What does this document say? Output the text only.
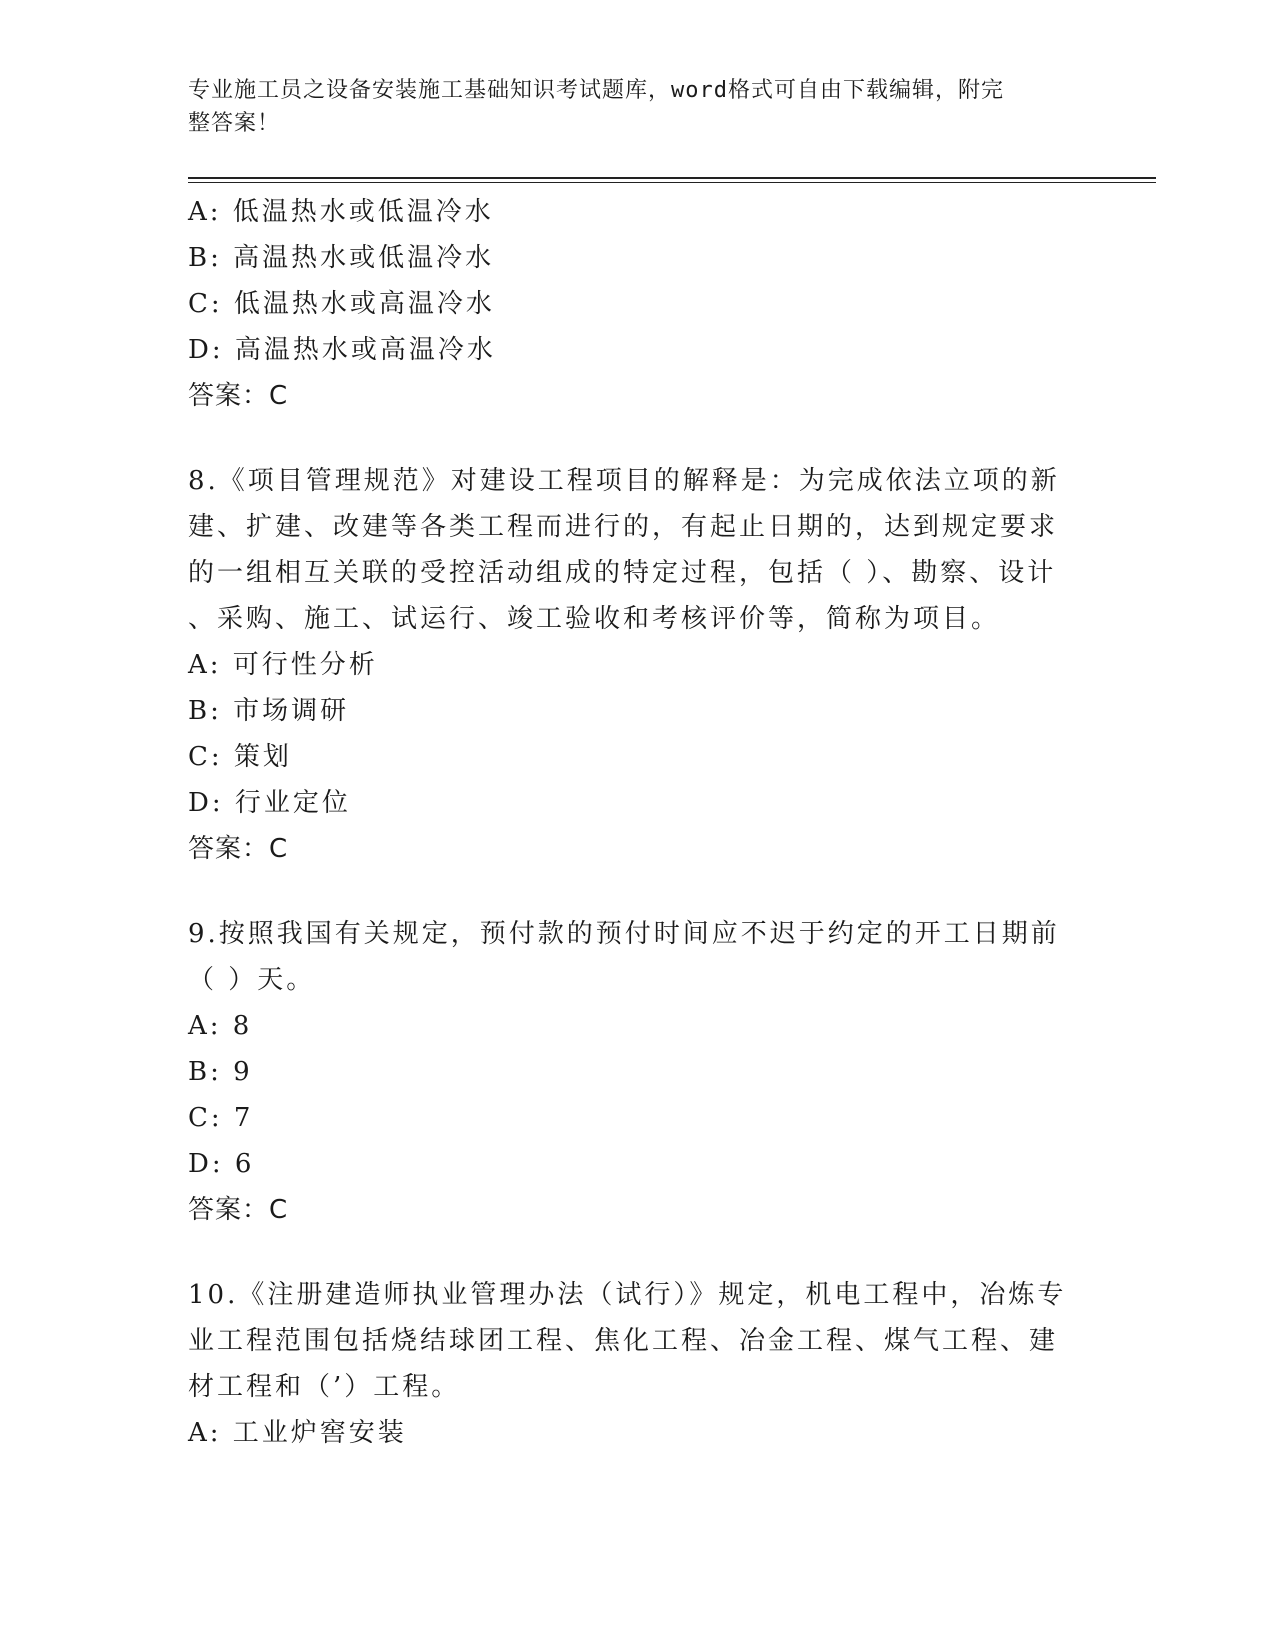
专业施工员之设备安装施工基础知识考试题库，word格式可自由下载编辑，附完
整答案！
A: 低温热水或低温冷水
B: 高温热水或低温冷水
C: 低温热水或高温冷水
D: 高温热水或高温冷水
答案：C
8.《项目管理规范》对建设工程项目的解释是：为完成依法立项的新
建、扩建、改建等各类工程而进行的，有起止日期的，达到规定要求
的一组相互关联的受控活动组成的特定过程，包括（ ）、勘察、设计
、采购、施工、试运行、竣工验收和考核评价等，简称为项目。
A: 可行性分析
B: 市场调研
C: 策划
D: 行业定位
答案：C
9.按照我国有关规定，预付款的预付时间应不迟于约定的开工日期前
（ ）天。
A: 8
B: 9
C: 7
D: 6
答案：C
10.《注册建造师执业管理办法（试行）》规定，机电工程中，冶炼专
业工程范围包括烧结球团工程、焦化工程、冶金工程、煤气工程、建
材工程和（’）工程。
A: 工业炉窖安装
